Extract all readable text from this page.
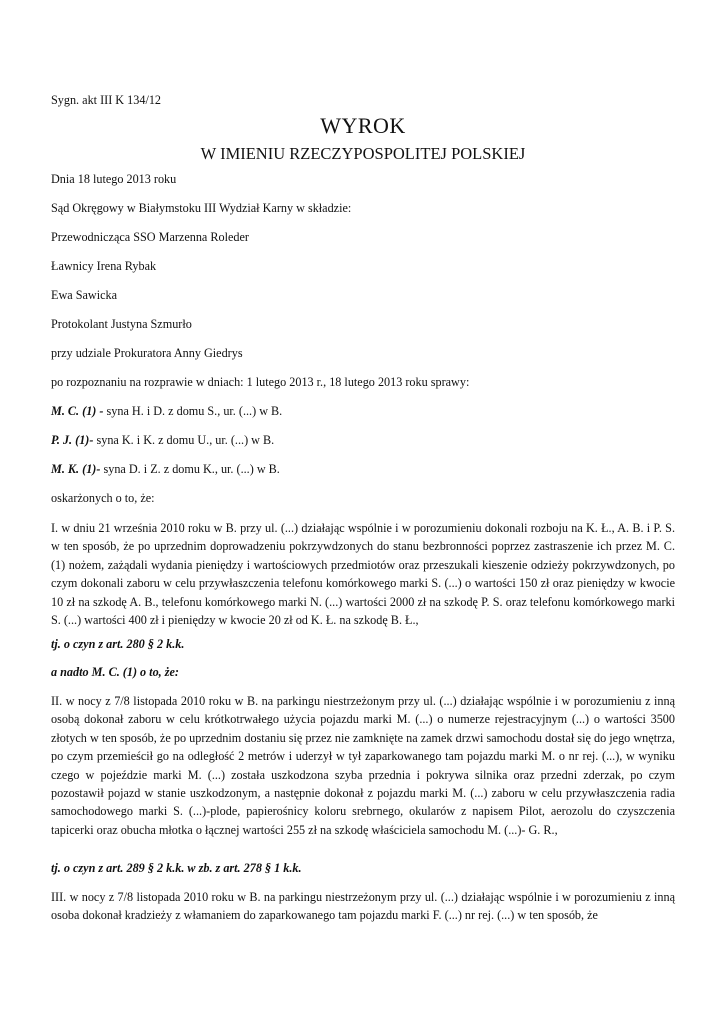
Sygn. akt III K 134/12
WYROK
W IMIENIU RZECZYPOSPOLITEJ POLSKIEJ
Dnia 18 lutego 2013 roku
Sąd Okręgowy w Białymstoku III Wydział Karny w składzie:
Przewodnicząca SSO Marzenna Roleder
Ławnicy Irena Rybak
Ewa Sawicka
Protokolant Justyna Szmurło
przy udziale Prokuratora Anny Giedrys
po rozpoznaniu na rozprawie w dniach: 1 lutego 2013 r., 18 lutego 2013 roku sprawy:
M. C. (1) - syna H. i D. z domu S., ur. (...) w B.
P. J. (1)- syna K. i K. z domu U., ur. (...) w B.
M. K. (1)- syna D. i Z. z domu K., ur. (...) w B.
oskarżonych o to, że:

I. w dniu 21 września 2010 roku w B. przy ul. (...) działając wspólnie i w porozumieniu dokonali rozboju na K. Ł., A. B. i P. S. w ten sposób, że po uprzednim doprowadzeniu pokrzywdzonych do stanu bezbronności poprzez zastraszenie ich przez M. C. (1) nożem, zażądali wydania pieniędzy i wartościowych przedmiotów oraz przeszukali kieszenie odzieży pokrzywdzonych, po czym dokonali zaboru w celu przywłaszczenia telefonu komórkowego marki S. (...) o wartości 150 zł oraz pieniędzy w kwocie 10 zł na szkodę A. B., telefonu komórkowego marki N. (...) wartości 2000 zł na szkodę P. S. oraz telefonu komórkowego marki S. (...) wartości 400 zł i pieniędzy w kwocie 20 zł od K. Ł. na szkodę B. Ł.,

tj. o czyn z art. 280 § 2 k.k.
a nadto M. C. (1) o to, że:

II. w nocy z 7/8 listopada 2010 roku w B. na parkingu niestrzeżonym przy ul. (...) działając wspólnie i w porozumieniu z inną osobą dokonał zaboru w celu krótkotrwałego użycia pojazdu marki M. (...) o numerze rejestracyjnym (...) o wartości 3500 złotych w ten sposób, że po uprzednim dostaniu się przez nie zamknięte na zamek drzwi samochodu dostał się do jego wnętrza, po czym przemieścił go na odległość 2 metrów i uderzył w tył zaparkowanego tam pojazdu marki M. o nr rej. (...), w wyniku czego w pojeździe marki M. (...) została uszkodzona szyba przednia i pokrywa silnika oraz przedni zderzak, po czym pozostawił pojazd w stanie uszkodzonym, a następnie dokonał z pojazdu marki M. (...) zaboru w celu przywłaszczenia radia samochodowego marki S. (...)-plode, papierośnicy koloru srebrnego, okularów z napisem Pilot, aerozolu do czyszczenia tapicerki oraz obucha młotka o łącznej wartości 255 zł na szkodę właściciela samochodu M. (...)- G. R.,

tj. o czyn z art. 289 § 2 k.k. w zb. z art. 278 § 1 k.k.

III. w nocy z 7/8 listopada 2010 roku w B. na parkingu niestrzeżonym przy ul. (...) działając wspólnie i w porozumieniu z inną osoba dokonał kradzieży z włamaniem do zaparkowanego tam pojazdu marki F. (...) nr rej. (...) w ten sposób, że
